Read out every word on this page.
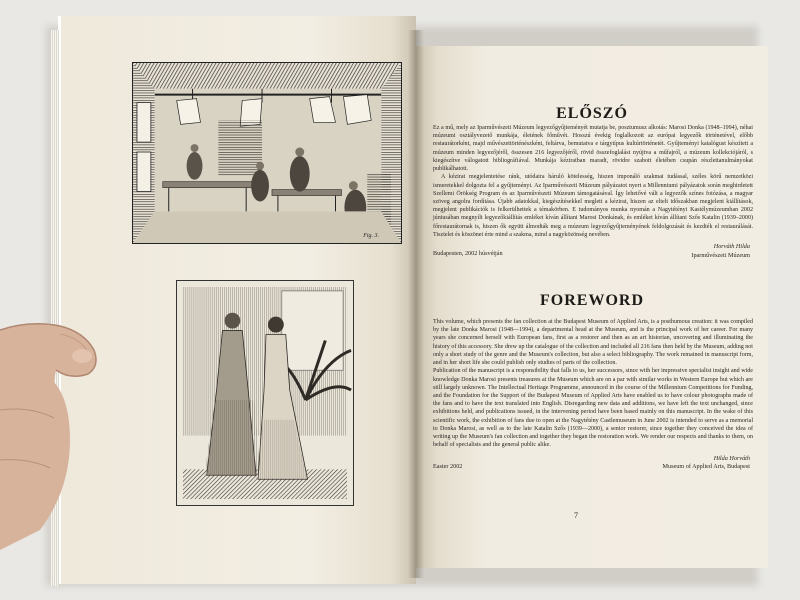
Fig. 3.
ELŐSZÓ

Ez a mű, mely az Iparművészeti Múzeum legyezőgyűjteményét mutatja be, posztumusz alkotás: Marosi Donka (1948–1994), néhai múzeumi osztályvezető munkája, életének főművét. Hosszú évekig foglalkozott az európai legyezők történetével, előbb restaurátorként, majd művészettörténészként, feltárva, bemutatva e tárgytípus kultúrtörténetét. Gyűjteményi katalógust készített a múzeum minden legyezőjéről, összesen 216 legyezőjéről, rövid összefoglalást nyújtva a műfajról, a múzeum kollekciójáról, s kiegészítve válogatott bibliográfiával. Munkája kéziratban maradt, rövidre szabott életében csupán részlettanulmányokat publikálhatott.

A kézirat megjelentetése ránk, utódaira háruló kötelesség, hiszen imponáló szakmai tudással, széles körű nemzetközi ismeretekkel dolgozta fel a gyűjteményt. Az Iparművészeti Múzeum pályázatot nyert a Millenniumi pályázatok során meghirdetett Szellemi Örökség Program és az Iparművészeti Múzeum támogatásával. Így lehetővé vált a legyezők színes fotózása, a magyar szöveg angolra fordítása. Újabb adatokkal, kiegészítésekkel meglett a kézirat, hiszen az eltelt időszakban megjelent kiállítások, megjelent publikációk is felkerülhettek a témakörben. E tudományos munka nyomán a Nagytétényi Kastélymúzeumban 2002 júniusában megnyílt legyezőkiállítás emléket kíván állítani Marosi Donkának, és emléket kíván állítani Szős Katalin (1939–2000) főrestaurátornak is, hiszen ők együtt álmodták meg a múzeum legyezőgyűjteményének feldolgozását és kezdték el restaurálását. Tisztelet és köszönet érte mind a szakma, mind a nagyközönség nevében.

Budapesten, 2002 húsvétján
Horváth Hilda
Iparművészeti Múzeum
FOREWORD

This volume, which presents the fan collection at the Budapest Museum of Applied Arts, is a posthumous creation: it was compiled by the late Donka Marosi (1948—1994), a departmental head at the Museum, and is the principal work of her career. For many years she concerned herself with European fans, first as a restorer and then as an art historian, uncovering and illuminating the history of this accessory. She drew up the catalogue of the collection and included all 216 fans then held by the Museum, adding not only a short study of the genre and the Museum's collection, but also a select bibliography. The work remained in manuscript form, and in her short life she could publish only studies of parts of the collection.

Publication of the manuscript is a responsibility that falls to us, her successors, since with her impressive specialist insight and wide knowledge Donka Marosi presents treasures at the Museum which are on a par with similar works in Western Europe but which are still largely unknown. The Intellectual Heritage Programme, announced in the course of the Millennium Competitions for Funding, and the Foundation for the Support of the Budapest Museum of Applied Arts have enabled us to have colour photographs made of the fans and to have the text translated into English. Disregarding new data and additions, we have left the text unchanged, since exhibitions held, and publications issued, in the intervening period have been based mainly on this manuscript. In the wake of this scientific work, the exhibition of fans due to open at the Nagytétény Castlemuseum in June 2002 is intended to serve as a memorial to Donka Marosi, as well as to the late Katalin Szős (1939—2000), a senior restorer, since together they conceived the idea of writing up the Museum's fan collection and together they began the restoration work. We render our respects and thanks to them, on behalf of specialists and the general public alike.

Easter 2002
Hilda Horváth
Museum of Applied Arts, Budapest
7
